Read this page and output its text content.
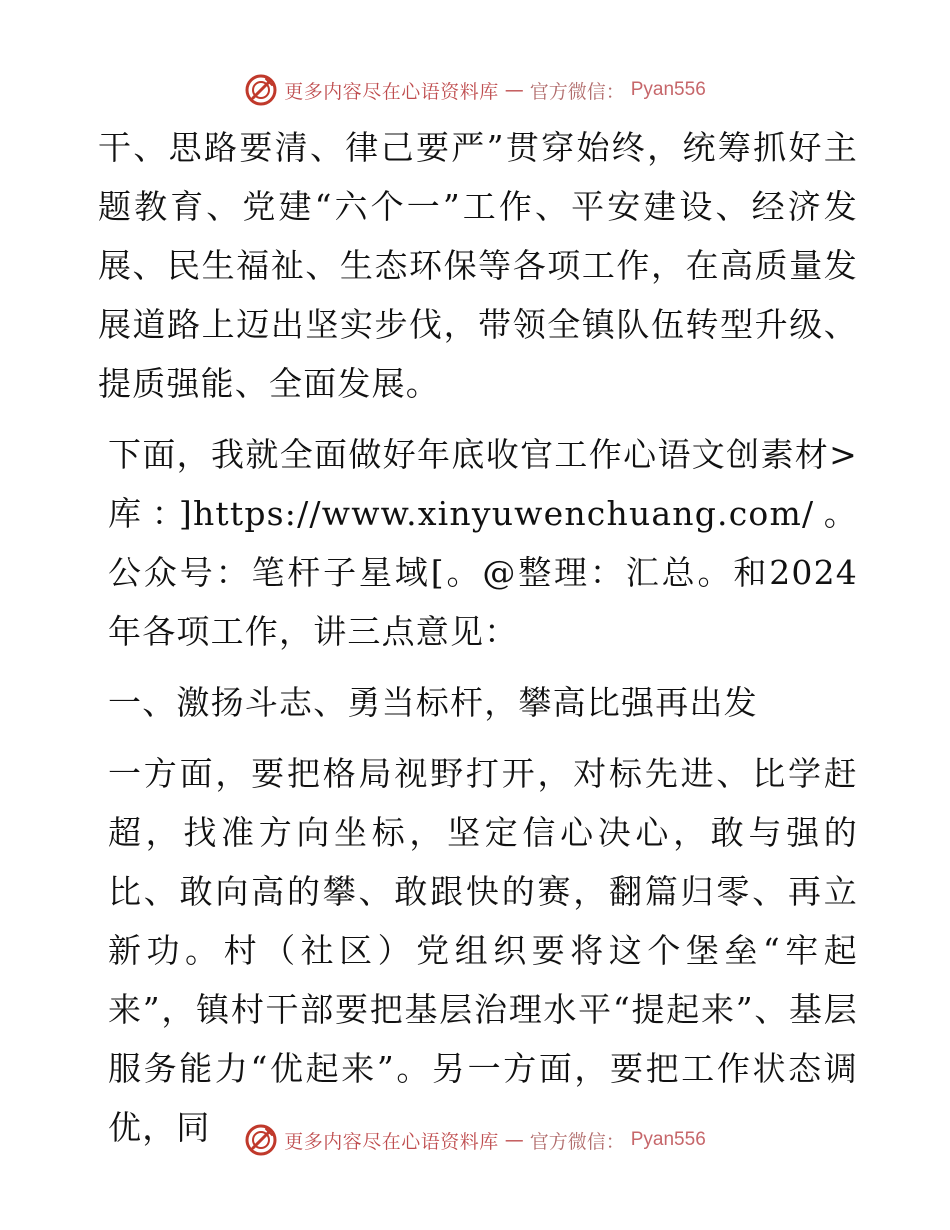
更多内容尽在心语资料库 — 官方微信： Pyan556

干、思路要清、律己要严”贯穿始终，统筹抓好主题教育、党建“六个一”工作、平安建设、经济发展、民生福祉、生态环保等各项工作，在高质量发展道路上迈出坚实步伐，带领全镇队伍转型升级、提质强能、全面发展。

下面，我就全面做好年底收官工作心语文创素材>库：]https://www.xinyuwenchuang.com/。公众号：笔杆子星域[。@整理：汇总。和2024年各项工作，讲三点意见：

一、激扬斗志、勇当标杆，攀高比强再出发

一方面，要把格局视野打开，对标先进、比学赶超，找准方向坐标，坚定信心决心，敢与强的比、敢向高的攀、敢跟快的赛，翻篇归零、再立新功。村（社区）党组织要将这个堡垒“牢起来”，镇村干部要把基层治理水平“提起来”、基层服务能力“优起来”。另一方面，要把工作状态调优，同	更多内容尽在心语资料库 — 官方微信： Pyan556
